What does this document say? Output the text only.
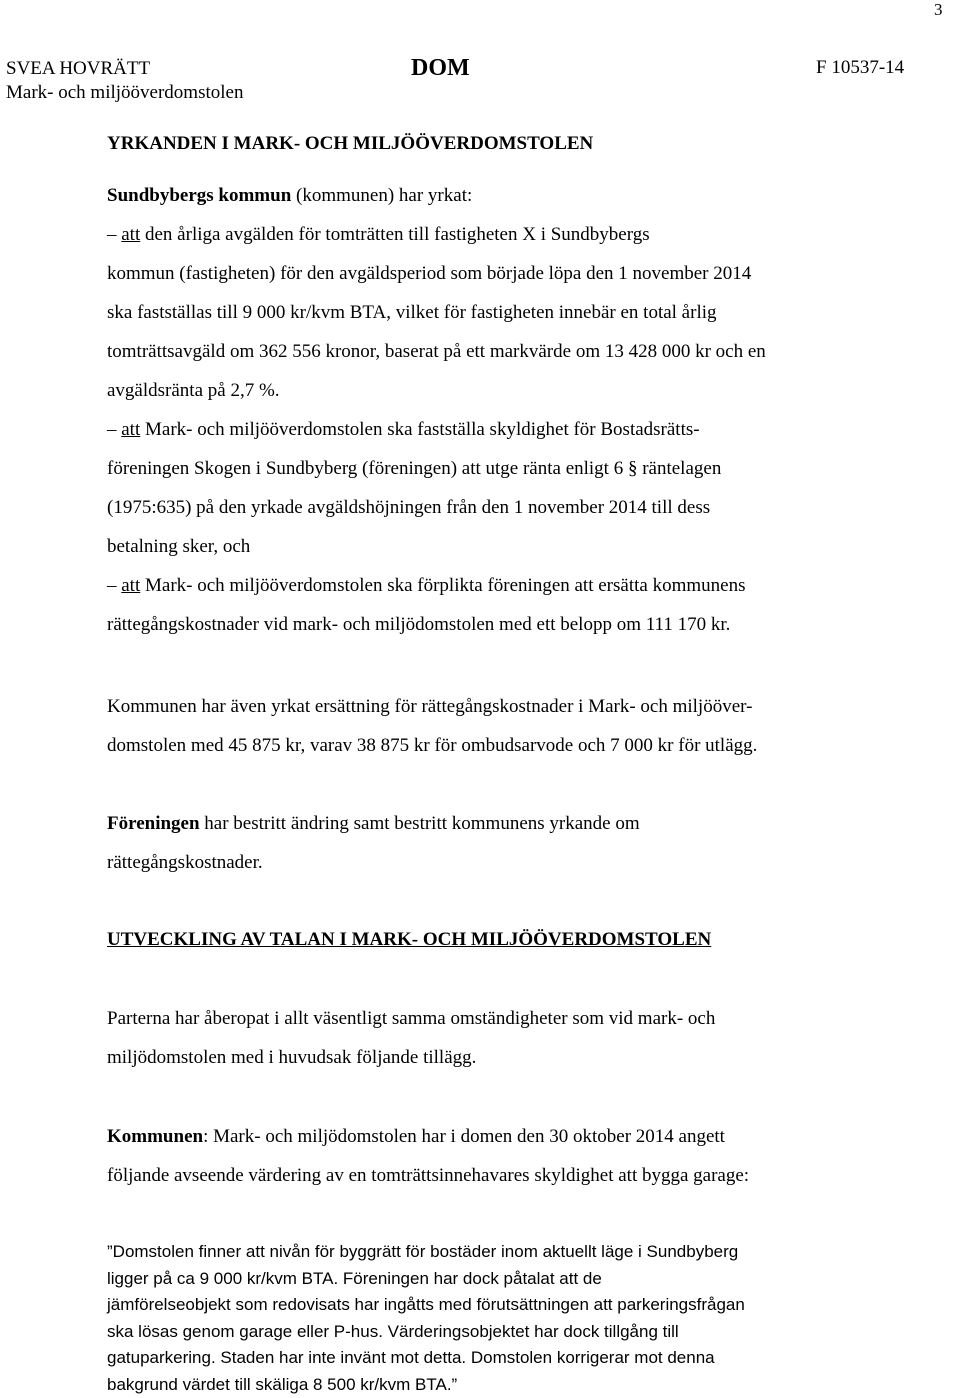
3
SVEA HOVRÄTT
Mark- och miljööverdomstolen
DOM	F 10537-14
YRKANDEN I MARK- OCH MILJÖÖVERDOMSTOLEN
Sundbybergs kommun (kommunen) har yrkat:
– att den årliga avgälden för tomträtten till fastigheten X i Sundbybergs
kommun (fastigheten) för den avgäldsperiod som började löpa den 1 november 2014
ska fastställas till 9 000 kr/kvm BTA, vilket för fastigheten innebär en total årlig
tomträttsavgäld om 362 556 kronor, baserat på ett markvärde om 13 428 000 kr och en
avgäldsränta på 2,7 %.
– att Mark- och miljööverdomstolen ska fastställa skyldighet för Bostadsrätts-
föreningen Skogen i Sundbyberg (föreningen) att utge ränta enligt 6 § räntelagen
(1975:635) på den yrkade avgäldshöjningen från den 1 november 2014 till dess
betalning sker, och
– att Mark- och miljööverdomstolen ska förplikta föreningen att ersätta kommunens
rättegångskostnader vid mark- och miljödomstolen med ett belopp om 111 170 kr.
Kommunen har även yrkat ersättning för rättegångskostnader i Mark- och miljööver-
domstolen med 45 875 kr, varav 38 875 kr för ombudsarvode och 7 000 kr för utlägg.
Föreningen har bestritt ändring samt bestritt kommunens yrkande om
rättegångskostnader.
UTVECKLING AV TALAN I MARK- OCH MILJÖÖVERDOMSTOLEN
Parterna har åberopat i allt väsentligt samma omständigheter som vid mark- och
miljödomstolen med i huvudsak följande tillägg.
Kommunen: Mark- och miljödomstolen har i domen den 30 oktober 2014 angett
följande avseende värdering av en tomträttsinnehavares skyldighet att bygga garage:
”Domstolen finner att nivån för byggrätt för bostäder inom aktuellt läge i Sundbyberg
ligger på ca 9 000 kr/kvm BTA. Föreningen har dock påtalat att de
jämförelseobjekt som redovisats har ingåtts med förutsättningen att parkeringsfrågan
ska lösas genom garage eller P-hus. Värderingsobjektet har dock tillgång till
gatuparkering. Staden har inte invänt mot detta. Domstolen korrigerar mot denna
bakgrund värdet till skäliga 8 500 kr/kvm BTA.”
